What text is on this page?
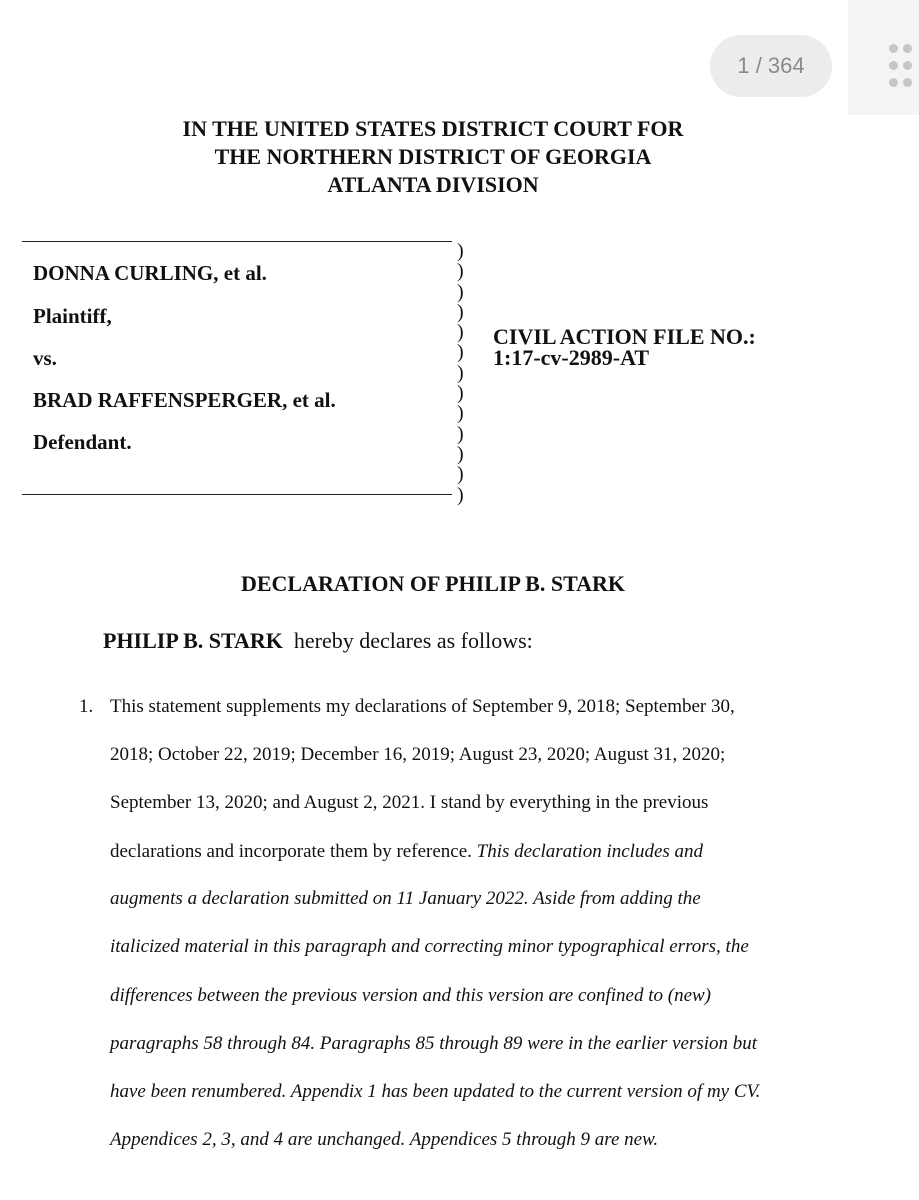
1 / 364
IN THE UNITED STATES DISTRICT COURT FOR
THE NORTHERN DISTRICT OF GEORGIA
ATLANTA DIVISION
DONNA CURLING, et al.
Plaintiff,
vs.
BRAD RAFFENSPERGER, et al.
Defendant.
)
)
)
)
)
)
)
)
)
)
)
)
)
CIVIL ACTION FILE NO.:
1:17-cv-2989-AT
DECLARATION OF PHILIP B. STARK
PHILIP B. STARK hereby declares as follows:
1. This statement supplements my declarations of September 9, 2018; September 30,
2018; October 22, 2019; December 16, 2019; August 23, 2020; August 31, 2020;
September 13, 2020; and August 2, 2021. I stand by everything in the previous
declarations and incorporate them by reference. This declaration includes and
augments a declaration submitted on 11 January 2022. Aside from adding the
italicized material in this paragraph and correcting minor typographical errors, the
differences between the previous version and this version are confined to (new)
paragraphs 58 through 84. Paragraphs 85 through 89 were in the earlier version but
have been renumbered. Appendix 1 has been updated to the current version of my CV.
Appendices 2, 3, and 4 are unchanged. Appendices 5 through 9 are new.
